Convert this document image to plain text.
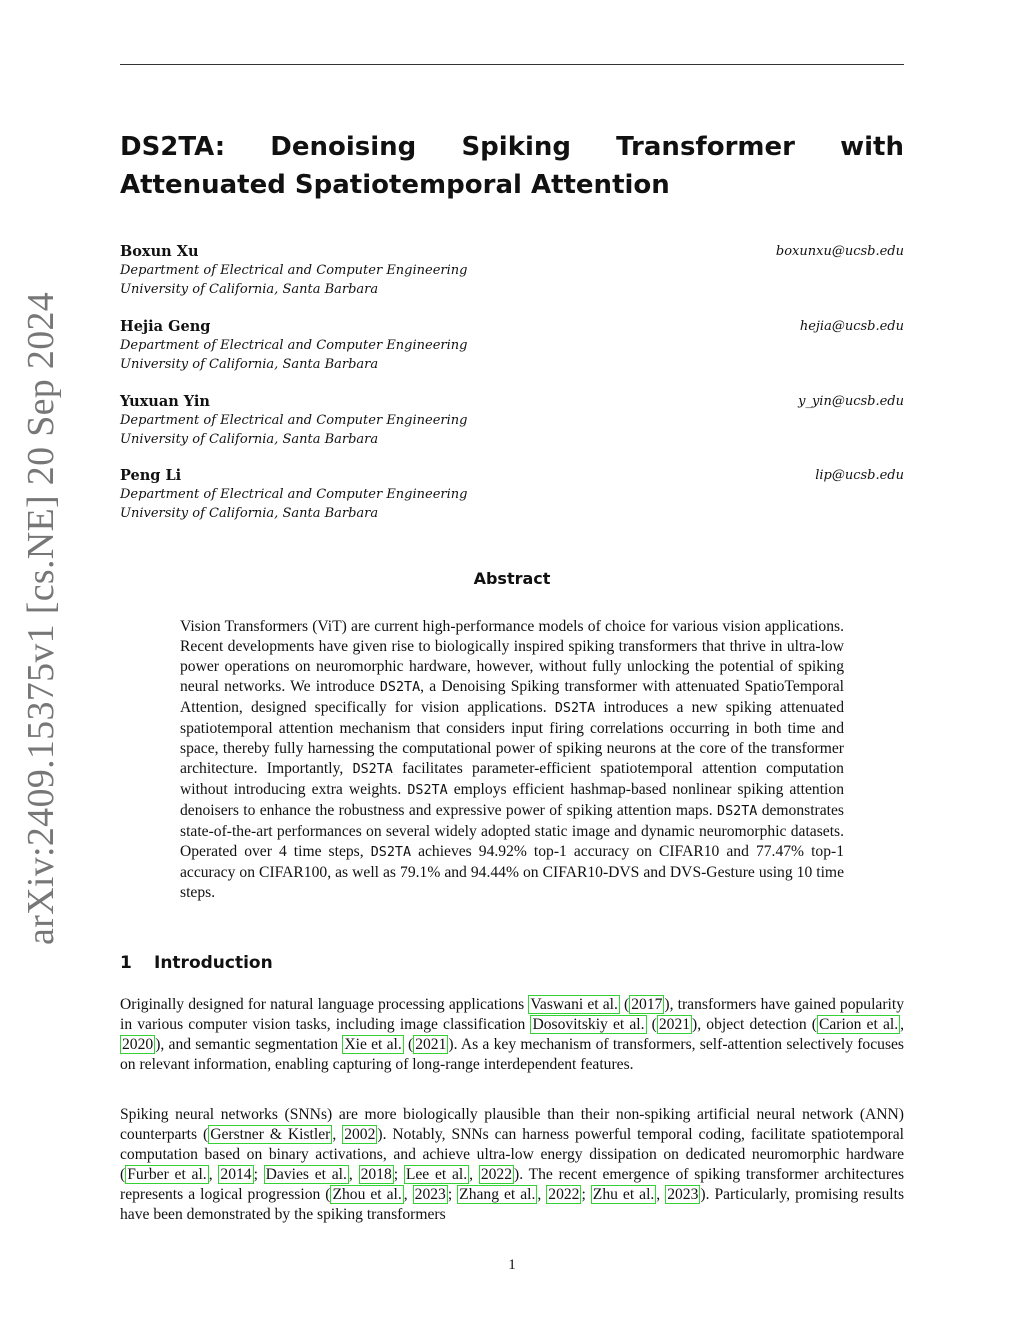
arXiv:2409.15375v1 [cs.NE] 20 Sep 2024
DS2TA: Denoising Spiking Transformer with Attenuated Spatiotemporal Attention
Boxun Xu
Department of Electrical and Computer Engineering
University of California, Santa Barbara
boxunxu@ucsb.edu
Hejia Geng
Department of Electrical and Computer Engineering
University of California, Santa Barbara
hejia@ucsb.edu
Yuxuan Yin
Department of Electrical and Computer Engineering
University of California, Santa Barbara
y_yin@ucsb.edu
Peng Li
Department of Electrical and Computer Engineering
University of California, Santa Barbara
lip@ucsb.edu
Abstract

Vision Transformers (ViT) are current high-performance models of choice for various vision applications. Recent developments have given rise to biologically inspired spiking transformers that thrive in ultra-low power operations on neuromorphic hardware, however, without fully unlocking the potential of spiking neural networks. We introduce DS2TA, a Denoising Spiking transformer with attenuated SpatioTemporal Attention, designed specifically for vision applications. DS2TA introduces a new spiking attenuated spatiotemporal attention mechanism that considers input firing correlations occurring in both time and space, thereby fully harnessing the computational power of spiking neurons at the core of the transformer architecture. Importantly, DS2TA facilitates parameter-efficient spatiotemporal attention computation without introducing extra weights. DS2TA employs efficient hashmap-based nonlinear spiking attention denoisers to enhance the robustness and expressive power of spiking attention maps. DS2TA demonstrates state-of-the-art performances on several widely adopted static image and dynamic neuromorphic datasets. Operated over 4 time steps, DS2TA achieves 94.92% top-1 accuracy on CIFAR10 and 77.47% top-1 accuracy on CIFAR100, as well as 79.1% and 94.44% on CIFAR10-DVS and DVS-Gesture using 10 time steps.

1 Introduction

Originally designed for natural language processing applications Vaswani et al. ( 2017 ), transformers have gained popularity in various computer vision tasks, including image classification Dosovitskiy et al. ( 2021 ), object detection ( Carion et al. , 2020 ), and semantic segmentation Xie et al. ( 2021 ). As a key mechanism of transformers, self-attention selectively focuses on relevant information, enabling capturing of long-range interdependent features.

Spiking neural networks (SNNs) are more biologically plausible than their non-spiking artificial neural network (ANN) counterparts ( Gerstner & Kistler , 2002 ). Notably, SNNs can harness powerful temporal coding, facilitate spatiotemporal computation based on binary activations, and achieve ultra-low energy dissipation on dedicated neuromorphic hardware ( Furber et al. , 2014 ; Davies et al. , 2018 ; Lee et al. , 2022 ). The recent emergence of spiking transformer architectures represents a logical progression ( Zhou et al. , 2023 ; Zhang et al. , 2022 ; Zhu et al. , 2023 ). Particularly, promising results have been demonstrated by the spiking transformers

1
